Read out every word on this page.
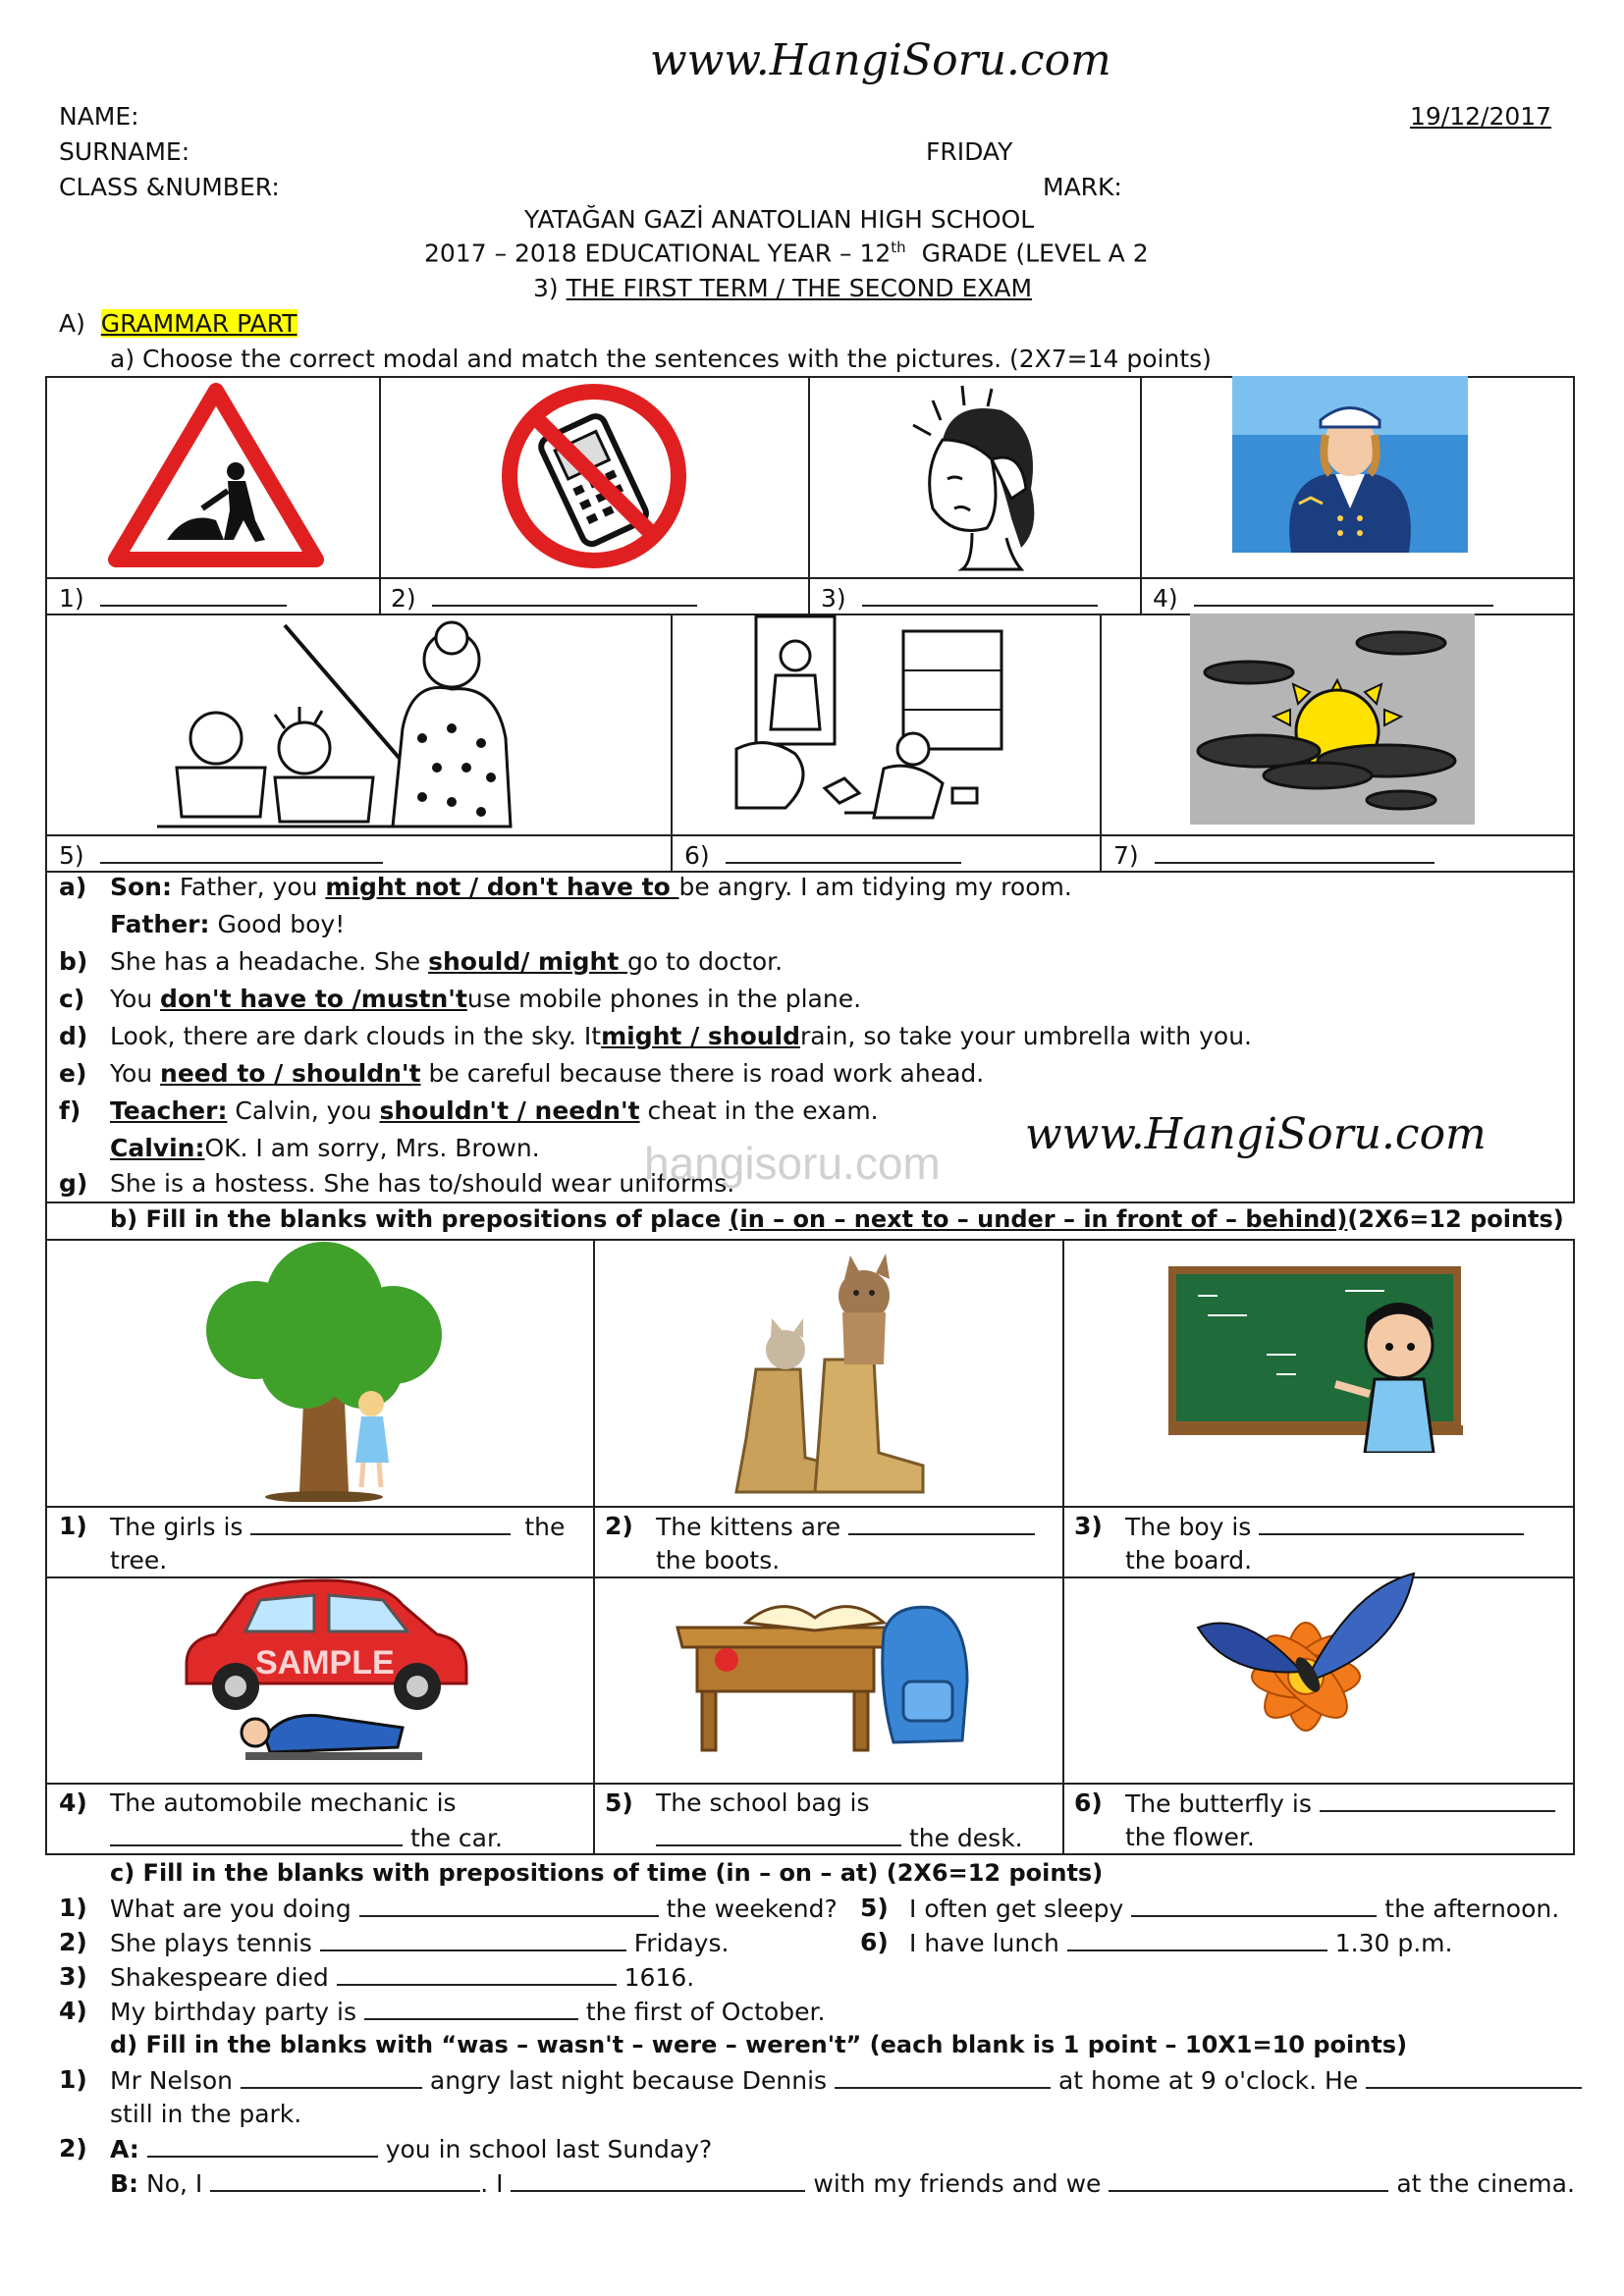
www.HangiSoru.com
NAME:	19/12/2017
SURNAME:	FRIDAY
CLASS &NUMBER:	MARK:
YATAĞAN GAZİ ANATOLIAN HIGH SCHOOL
2017 – 2018 EDUCATIONAL YEAR – 12th GRADE (LEVEL A 2
3) THE FIRST TERM / THE SECOND EXAM
A) GRAMMAR PART
a) Choose the correct modal and match the sentences with the pictures. (2X7=14 points)
1)	2)	3)	4)
5)	6)	7)
a) Son: Father, you might not / don't have to be angry. I am tidying my room.
Father: Good boy!
b) She has a headache. She should/ might go to doctor.
c) You don't have to /mustn'tuse mobile phones in the plane.
d) Look, there are dark clouds in the sky. Itmight / shouldrain, so take your umbrella with you.
e) You need to / shouldn't be careful because there is road work ahead.
f) Teacher: Calvin, you shouldn't / needn't cheat in the exam.
Calvin:OK. I am sorry, Mrs. Brown.
g) She is a hostess. She has to/should wear uniforms.
www.HangiSoru.com
hangisoru.com
b) Fill in the blanks with prepositions of place (in – on – next to – under – in front of – behind)(2X6=12 points)
SAMPLE
1) The girls is	the
tree.
2) The kittens are
the boots.
3) The boy is
the board.
4) The automobile mechanic is
the car.
5) The school bag is
the desk.
6) The butterfly is
the flower.
c) Fill in the blanks with prepositions of time (in – on – at) (2X6=12 points)
1) What are you doing	the weekend?
2) She plays tennis	Fridays.
3) Shakespeare died	1616.
4) My birthday party is	the first of October.
5) I often get sleepy	the afternoon.
6) I have lunch	1.30 p.m.
d) Fill in the blanks with “was – wasn't – were – weren't” (each blank is 1 point – 10X1=10 points)
1) Mr Nelson	angry last night because Dennis	at home at 9 o'clock. He
still in the park.
2) A:	you in school last Sunday?
B: No, I	. I	with my friends and we	at the cinema.
